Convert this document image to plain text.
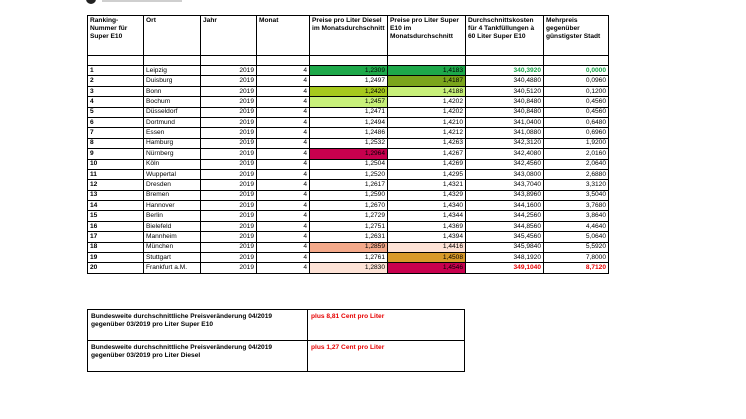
Ranking-Nummer für Super E10	Ort	Jahr	Monat	Preise pro Liter Diesel im Monatsdurchschnitt	Preise pro Liter Super E10 im Monatsdurchschnitt	Durchschnittskosten für 4 Tankfüllungen à 60 Liter Super E10	Mehrpreis gegenüber günstigster Stadt

1	Leipzig	2019	4	1,2309	1,4183	340,3920	0,0000
2	Duisburg	2019	4	1,2497	1,4187	340,4880	0,0960
3	Bonn	2019	4	1,2420	1,4188	340,5120	0,1200
4	Bochum	2019	4	1,2457	1,4202	340,8480	0,4560
5	Düsseldorf	2019	4	1,2471	1,4202	340,8480	0,4560
6	Dortmund	2019	4	1,2494	1,4210	341,0400	0,6480
7	Essen	2019	4	1,2486	1,4212	341,0880	0,6960
8	Hamburg	2019	4	1,2532	1,4263	342,3120	1,9200
9	Nürnberg	2019	4	1,2964	1,4267	342,4080	2,0160
10	Köln	2019	4	1,2504	1,4269	342,4560	2,0640
11	Wuppertal	2019	4	1,2520	1,4295	343,0800	2,6880
12	Dresden	2019	4	1,2617	1,4321	343,7040	3,3120
13	Bremen	2019	4	1,2590	1,4329	343,8960	3,5040
14	Hannover	2019	4	1,2670	1,4340	344,1600	3,7680
15	Berlin	2019	4	1,2729	1,4344	344,2560	3,8640
16	Bielefeld	2019	4	1,2751	1,4369	344,8560	4,4640
17	Mannheim	2019	4	1,2631	1,4394	345,4560	5,0640
18	München	2019	4	1,2859	1,4416	345,9840	5,5920
19	Stuttgart	2019	4	1,2761	1,4508	348,1920	7,8000
20	Frankfurt a.M.	2019	4	1,2830	1,4546	349,1040	8,7120
Bundesweite durchschnittliche Preisveränderung 04/2019 gegenüber 03/2019 pro Liter Super E10	plus 8,81 Cent pro Liter
Bundesweite durchschnittliche Preisveränderung 04/2019 gegenüber 03/2019 pro Liter Diesel	plus 1,27 Cent pro Liter
